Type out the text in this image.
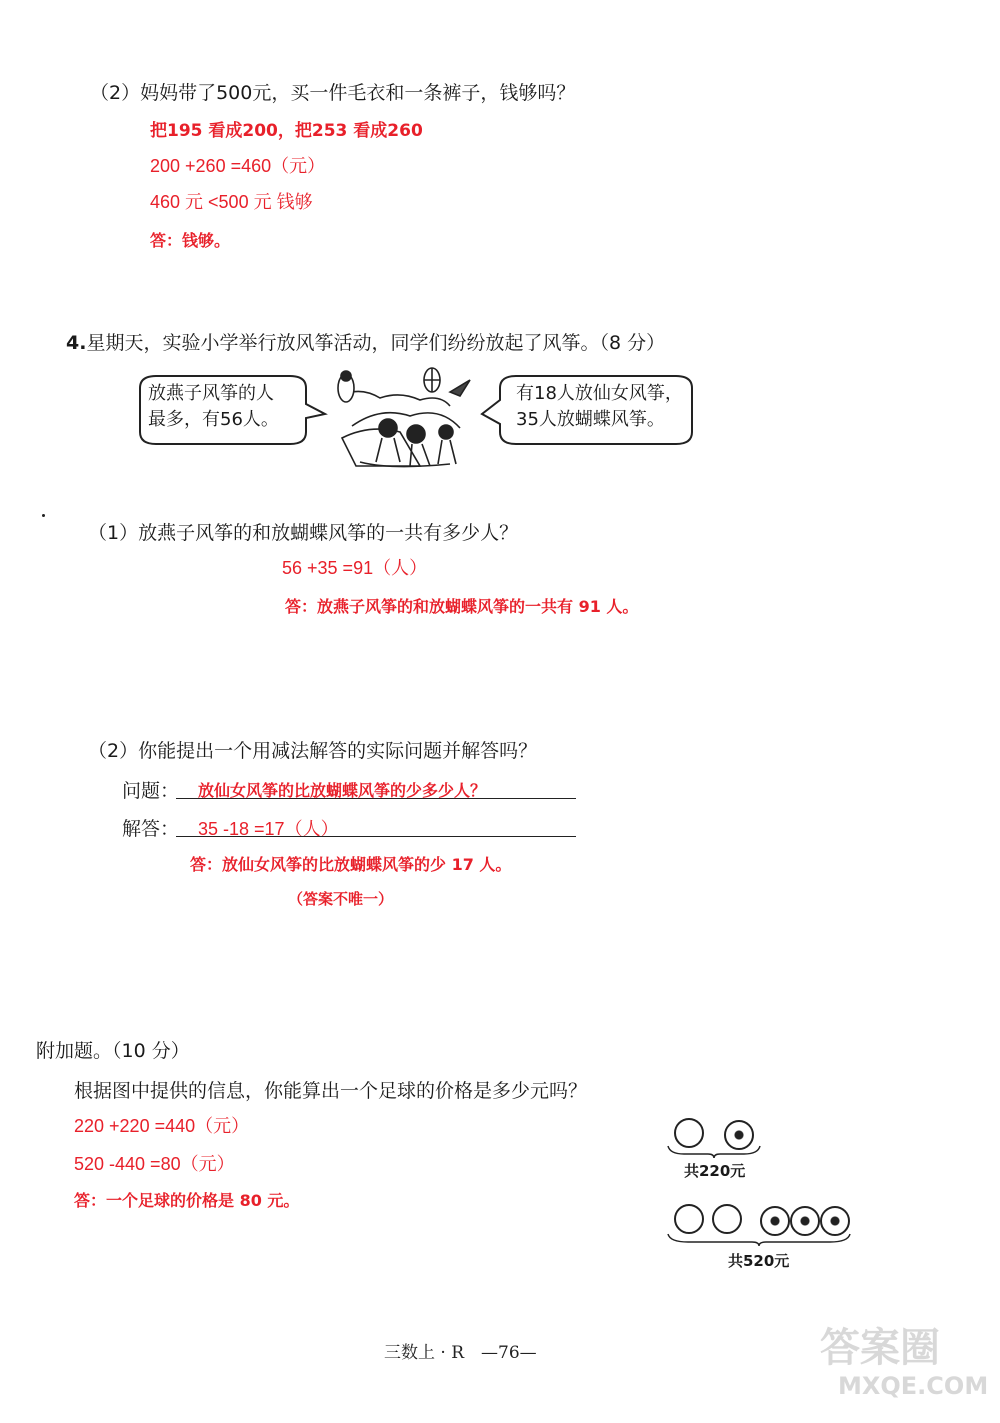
（2）妈妈带了500元，买一件毛衣和一条裤子，钱够吗？
把195 看成200，把253 看成260
200 +260 =460（元）
460 元 <500 元 钱够
答：钱够。
4.星期天，实验小学举行放风筝活动，同学们纷纷放起了风筝。（8 分）
放燕子风筝的人
最多，有56人。
有18人放仙女风筝，
35人放蝴蝶风筝。
（1）放燕子风筝的和放蝴蝶风筝的一共有多少人？
56 +35 =91（人）
答：放燕子风筝的和放蝴蝶风筝的一共有 91 人。
（2）你能提出一个用减法解答的实际问题并解答吗？
问题： 放仙女风筝的比放蝴蝶风筝的少多少人？
解答： 35 -18 =17（人）
答：放仙女风筝的比放蝴蝶风筝的少 17 人。
（答案不唯一）
附加题。（10 分）
根据图中提供的信息，你能算出一个足球的价格是多少元吗？
220 +220 =440（元）
520 -440 =80（元）
答：一个足球的价格是 80 元。
共220元
共520元
三数上 · R　—76—	答案圈
MXQE.COM
